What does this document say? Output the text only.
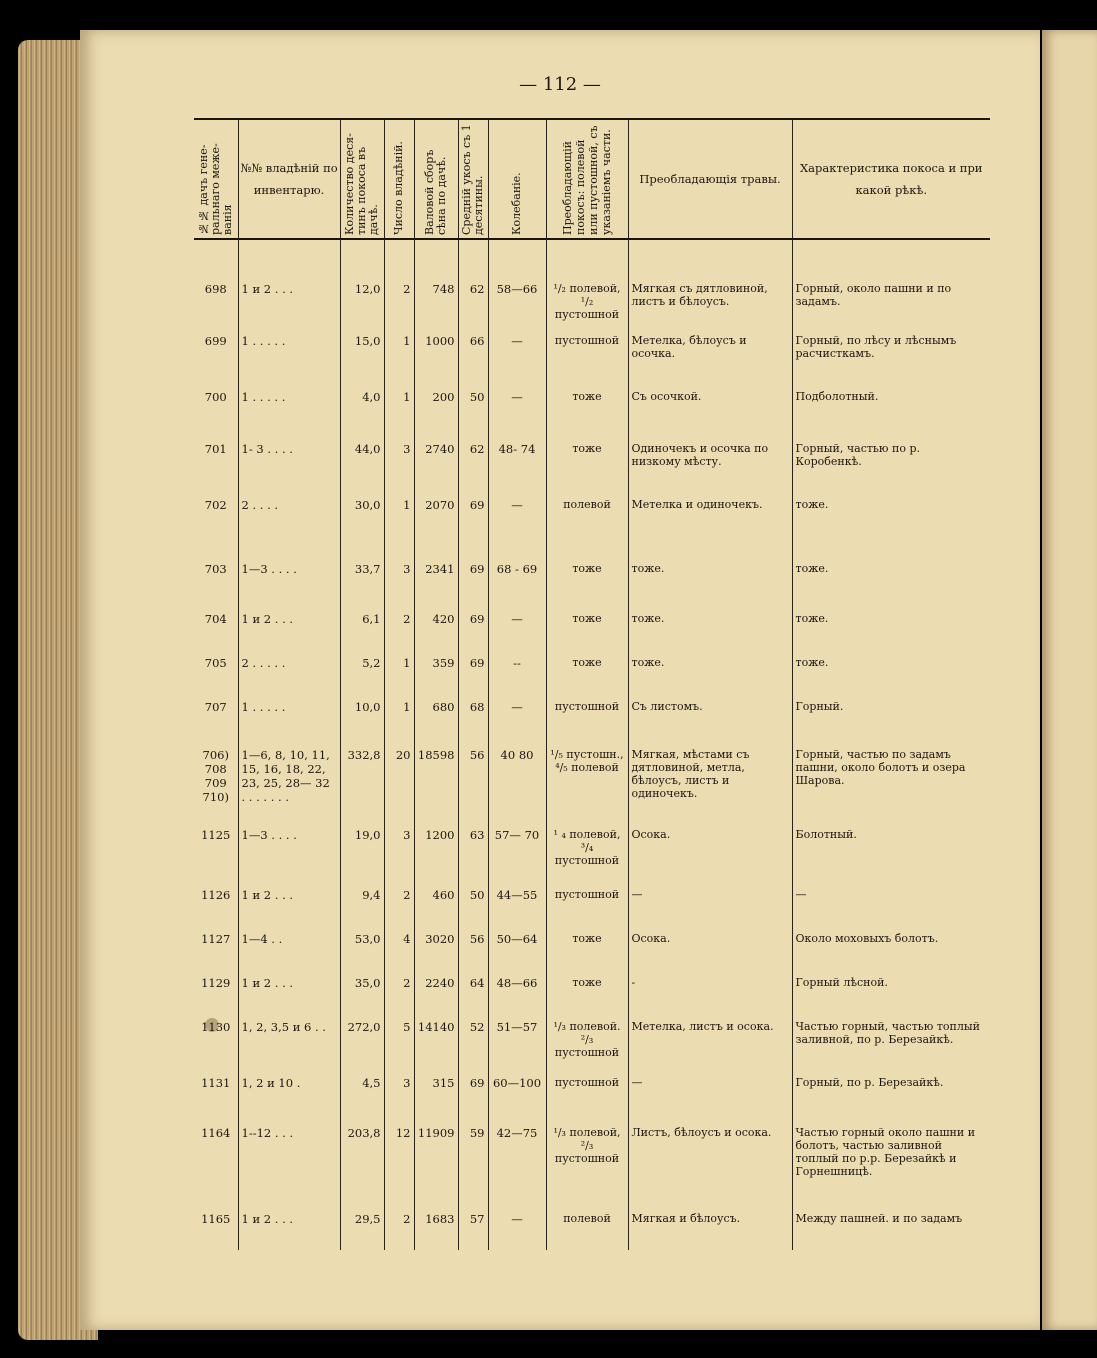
— 112 —
№№ дачъ гене-ральнаго меже-ванія	№№ владѣній по инвентарю.	Количество деся-тинъ покоса въ дачѣ.	Число владѣній.	Валовой сборъ сѣна по дачѣ.	Средній укосъ съ 1 десятины.	Колебаніе.	Преобладающій покосъ: полевой или пустошной, съ указаніемъ части.	Преобладающія травы.	Характеристика покоса и при какой рѣкѣ.

698	1 и 2 . . .	12,0	2	748	62	58—66	¹/₂ полевой, ¹/₂ пустошной	Мягкая съ дятловиной, листъ и бѣлоусъ.	Горный, около пашни и по задамъ.
699	1 . . . . .	15,0	1	1000	66	—	пустошной	Метелка, бѣлоусъ и осочка.	Горный, по лѣсу и лѣснымъ расчисткамъ.
700	1 . . . . .	4,0	1	200	50	—	тоже	Съ осочкой.	Подболотный.
701	1- 3 . . . .	44,0	3	2740	62	48- 74	тоже	Одиночекъ и осочка по низкому мѣсту.	Горный, частью по р. Коробенкѣ.
702	2 . . . .	30,0	1	2070	69	—	полевой	Метелка и одиночекъ.	тоже.
703	1—3 . . . .	33,7	3	2341	69	68 - 69	тоже	тоже.	тоже.
704	1 и 2 . . .	6,1	2	420	69	—	тоже	тоже.	тоже.
705	2 . . . . .	5,2	1	359	69	--	тоже	тоже.	тоже.
707	1 . . . . .	10,0	1	680	68	—	пустошной	Съ листомъ.	Горный.
706) 708 709 710)	1—6, 8, 10, 11, 15, 16, 18, 22, 23, 25, 28— 32 . . . . . . .	332,8	20	18598	56	40 80	¹/₅ пустошн., ⁴/₅ полевой	Мягкая, мѣстами съ дятловиной, метла, бѣлоусъ, листъ и одиночекъ.	Горный, частью по задамъ пашни, около болотъ и озера Шарова.
1125	1—3 . . . .	19,0	3	1200	63	57— 70	¹ ₄ полевой, ³/₄ пустошной	Осока.	Болотный.
1126	1 и 2 . . .	9,4	2	460	50	44—55	пустошной	—	—
1127	1—4 . .	53,0	4	3020	56	50—64	тоже	Осока.	Около моховыхъ болотъ.
1129	1 и 2 . . .	35,0	2	2240	64	48—66	тоже	-	Горный лѣсной.
1130	1, 2, 3,5 и 6 . .	272,0	5	14140	52	51—57	¹/₃ полевой. ²/₃ пустошной	Метелка, листъ и осока.	Частью горный, частью топлый заливной, по р. Березайкѣ.
1131	1, 2 и 10 .	4,5	3	315	69	60—100	пустошной	—	Горный, по р. Березайкѣ.
1164	1--12 . . .	203,8	12	11909	59	42—75	¹/₃ полевой, ²/₃ пустошной	Листъ, бѣлоусъ и осока.	Частью горный около пашни и болотъ, частью заливной топлый по р.р. Березайкѣ и Горнешницѣ.
1165	1 и 2 . . .	29,5	2	1683	57	—	полевой	Мягкая и бѣлоусъ.	Между пашней. и по задамъ
